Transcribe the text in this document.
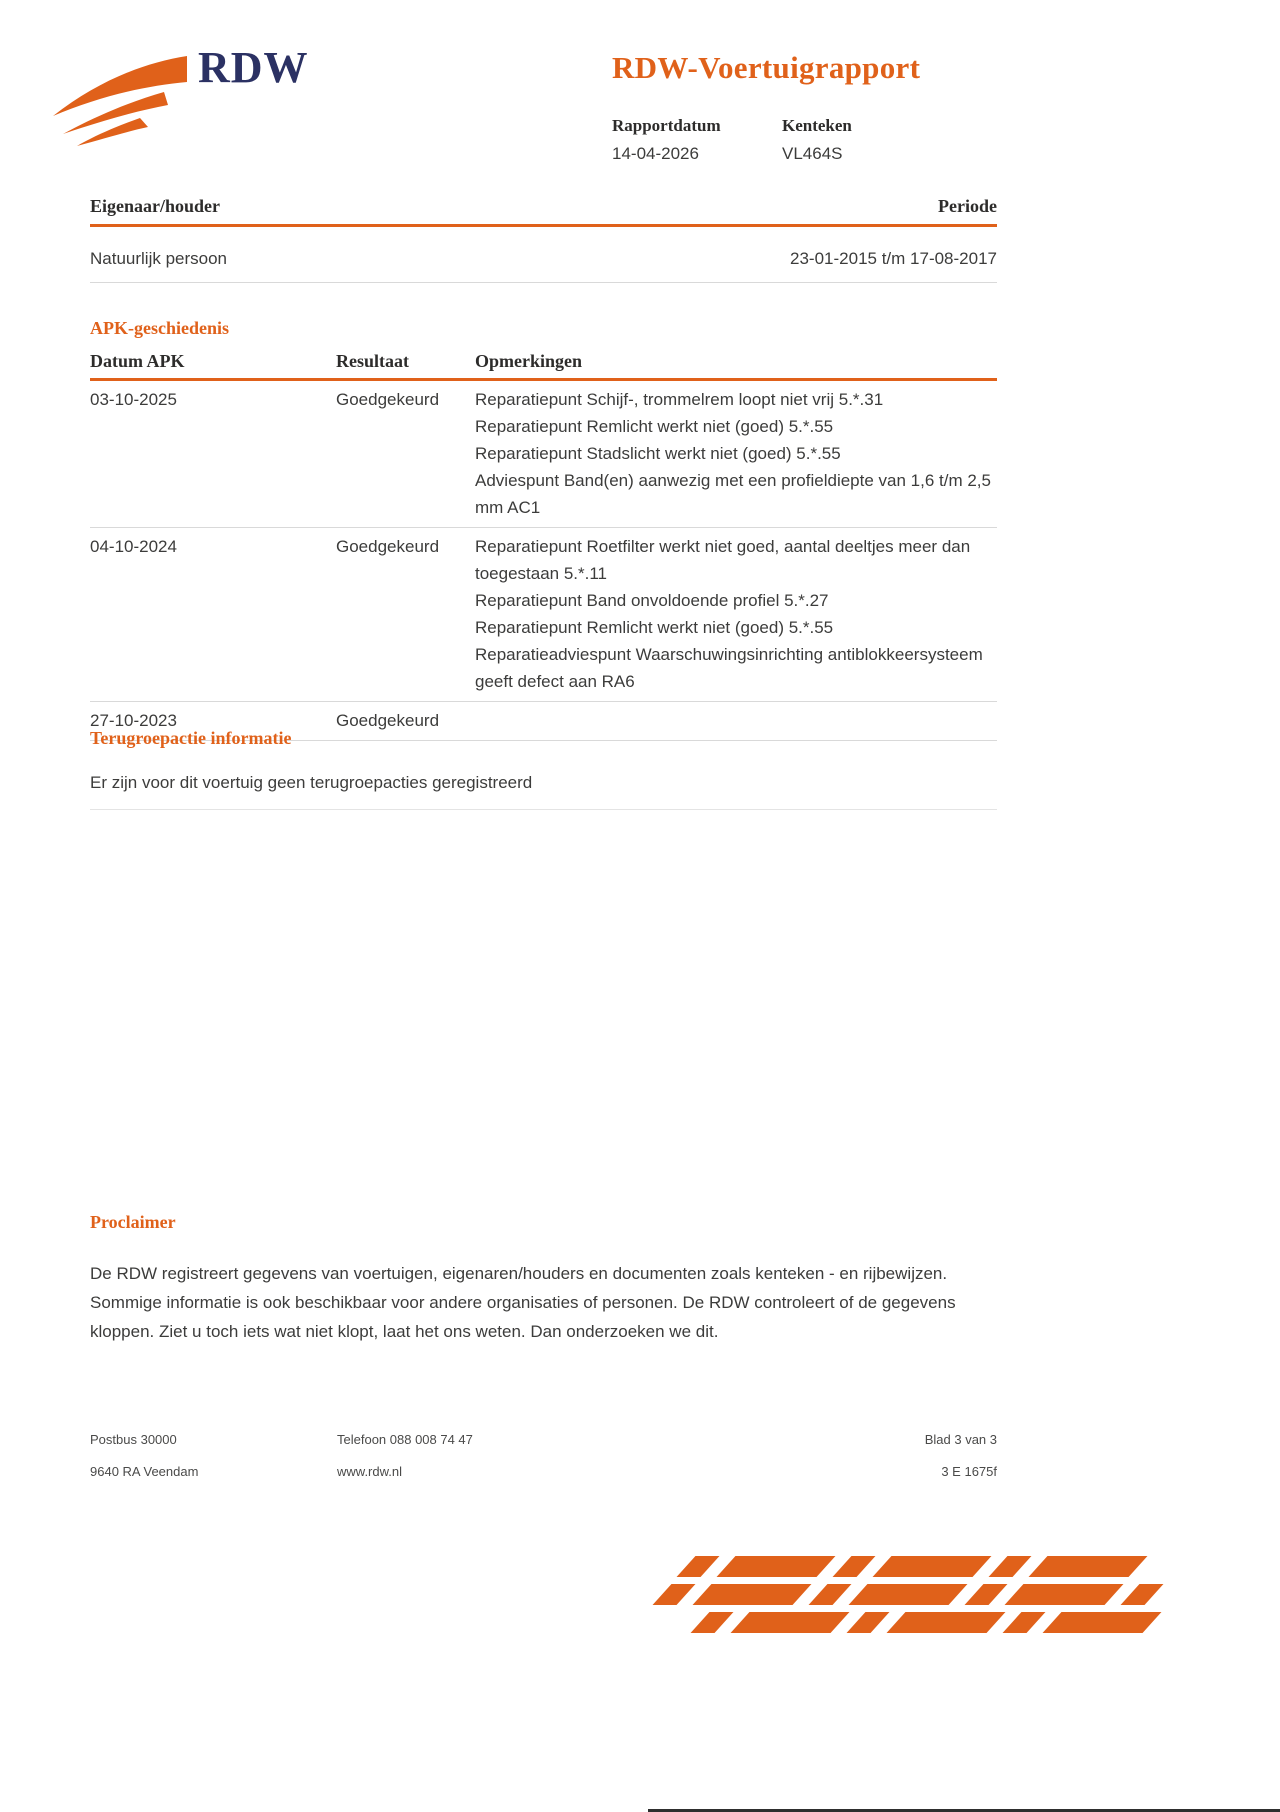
RDW	RDW-Voertuigrapport
Rapportdatum	Kenteken
14-04-2026	VL464S
Eigenaar/houder	Periode
Natuurlijk persoon	23-01-2015 t/m 17-08-2017
APK-geschiedenis
Datum APK	Resultaat	Opmerkingen
03-10-2025	Goedgekeurd	Reparatiepunt Schijf-, trommelrem loopt niet vrij 5.*.31
Reparatiepunt Remlicht werkt niet (goed) 5.*.55
Reparatiepunt Stadslicht werkt niet (goed) 5.*.55
Adviespunt Band(en) aanwezig met een profieldiepte van 1,6 t/m 2,5 mm AC1
04-10-2024	Goedgekeurd	Reparatiepunt Roetfilter werkt niet goed, aantal deeltjes meer dan toegestaan 5.*.11
Reparatiepunt Band onvoldoende profiel 5.*.27
Reparatiepunt Remlicht werkt niet (goed) 5.*.55
Reparatieadviespunt Waarschuwingsinrichting antiblokkeersysteem geeft defect aan RA6
27-10-2023	Goedgekeurd
Terugroepactie informatie
Er zijn voor dit voertuig geen terugroepacties geregistreerd
Proclaimer
De RDW registreert gegevens van voertuigen, eigenaren/houders en documenten zoals kenteken - en rijbewijzen. Sommige informatie is ook beschikbaar voor andere organisaties of personen. De RDW controleert of de gegevens kloppen. Ziet u toch iets wat niet klopt, laat het ons weten. Dan onderzoeken we dit.
Postbus 30000
9640 RA Veendam
Telefoon 088 008 74 47
www.rdw.nl
Blad 3 van 3
3 E 1675f
